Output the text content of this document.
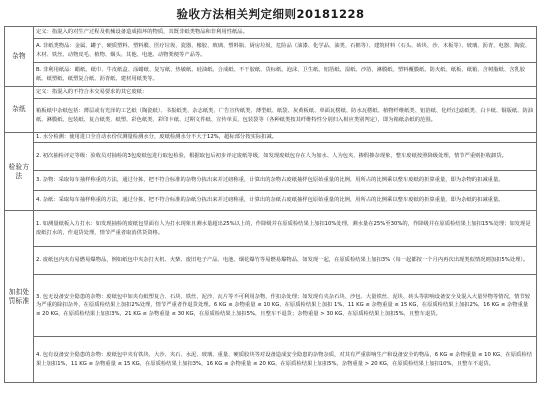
验收方法相关判定细则20181228
杂物	定义：指混入的对生产过程及机械设备造成损坏的物质，其既非纸类物品和非利用性纸品。
	A. 非纸类物品：金属、罐子、硬质塑料、塑料膜、医疗垃圾、瓷器、橡胶、玻璃、塑料瓶、厨房垃圾、危险品（油漆、化学品、油类、石棉等）、建筑材料（石头、砖块、沙、木板等）、玻璃、沥青、电器、陶瓷、木材、铁丝、动物皮毛、植物、烟头、其他、电池、动物粪便等产品等。
	B. 非利用纸品：蜡纸、纸巾、牛皮纸盒、涂蜡纸、复写纸、热敏纸、硅油纸、合成纸、不干胶纸、货标纸、泡沫、卫生纸、铝箔纸、湿纸、沙箔、淋膜纸、塑料覆膜纸、防火纸、纸板、纸箱、含树脂纸、含乳胶纸、纸塑纸、纸塑复合纸、沥青纸、建材用纸类等。
杂纸	定义：指混入的不符合本交易要求的其它废纸：
	箱板纸中杂纸包括：薄层或有光泽的工艺纸（陶瓷纸）、书报纸类、杂志纸类、广告宣传纸类、薄型纸、纸袋、灰黄板纸、单面瓦楞纸、防水瓦楞纸、植物纤维纸类、铝箔纸、化纤/过滤纸类、白卡纸、铜版纸、防油纸、淋膜纸、包装纸、复合纸类、纸塑、彩色纸类、彩印卡纸、过期文件纸、宣传单页、包装袋等（各种纸类按其纤维特性分别归入相应类别判定），即为箱纸杂纸的范围。
检验方法	1. 水分检测：使用进口全自动水份仪测量检测水分，废纸检测水分不大于12%，超标部分按实际扣减。
	2. 初次抽检评定等级：验收员对抽检的3包废纸包进行取包检验，根据取包后初步评定废纸等级，如发现废纸包存在人为加水、人为包夹、掺假掺杂现象，整车废纸按照降级处理，情节严重则拒收卸货。
	3. 杂物：采取每车抽样称重的方法，通过分拣，把不符合标准的杂物分拣出来并过磅称重，计算出的杂物占废纸抽样包原始重量的比例，用所占的比例乘以整车废纸的折算重量，即为杂物的扣减重量。
	4. 杂纸：采取每车抽样称重的方法，通过分拣，把不符合标准的杂纸分拣出来并过磅称重，计算出的杂纸占废纸抽样包原始重量的比例，用所占的比例乘以整车废纸的折算重量，即为杂纸的扣减重量。
加扣处罚标准	1. 如测量纸板入力打水：如发现抽检的废纸包里面有人为打水现象且测水量超出25%以上的，作降级并在原质检结果上加扣10%处理，测水量在25%至30%的，作降级并在原质检结果上加扣15%处理；如发现是废纸打水的，作退货处理，情节严重者取消供货资格。
	2. 废纸包内夹有易燃易爆物品，例如纸包中夹杂打火机、火柴、废旧电子产品、电池、烟花爆竹等易燃易爆物品，如发现一起，在原质检结果上加扣3%（每一起都按一个月内再次出现类似情况则加扣5%处理）。
	3. 包无设备安全隐患的杂物：废纸包中如夹有纸塑复合、石块、铁丝、泥沙、瓦片等不可利用杂物，作扣杂处理；如发现有夹杂石块、沙包、大量铁丝、泥块、砖头等影响设备安全及混入大量异物等情况，情节较为严重的除扣杂外，在原质检结果上加扣2%处理，情节严重者作退货处理。6 KG ≤ 杂物重量 ≤ 10 KG，在原质检结果上加扣 1%，11 KG ≤ 杂物重量 ≤ 15 KG，在原质检结果上加扣2%，16 KG ≤ 杂物重量 ≤ 20 KG，在原质检结果上加扣3%，21 KG ≤ 杂物重量 ≤ 30 KG，在原质检结果上加扣5%，且整车不退货；杂物重量 > 30 KG，在原质检结果上加扣5%，且整车退货。
	4. 包有设备安全隐患的杂物：废纸包中夹有铁块、大沙、夹石、水泥、玻璃、重量、硬质胶块等对设备造成安全隐患的杂物杂质，对其有严重影响生产和设备安全的物品，6 KG ≤ 杂物重量 ≤ 10 KG，在原质检结果上加扣1%，11 KG ≤ 杂物重量 ≤ 15 KG，在原质检结果上加扣3%，16 KG ≤ 杂物重量 ≤ 20 KG，在原质检结果上加扣5%，杂物重量 > 20 KG，在原质检结果上加扣10%，且整车不退货。
